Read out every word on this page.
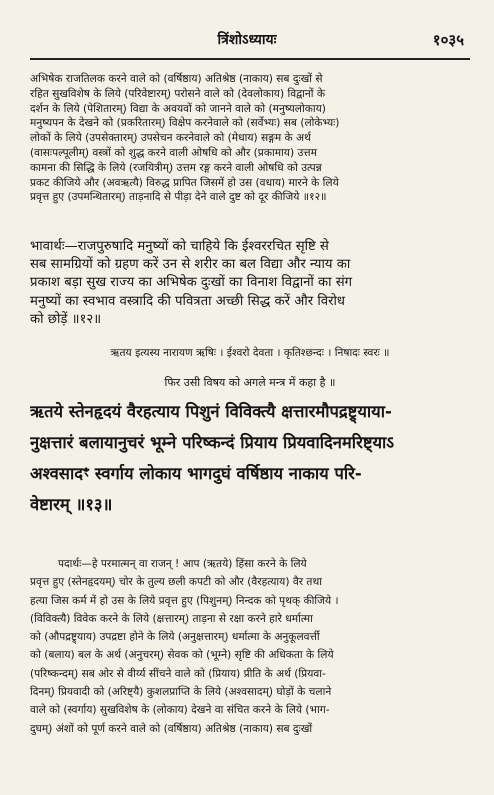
त्रिंशोऽध्यायः	१०३५
अभिषेक राजतिलक करने वाले को (वर्षिष्ठाय) अतिश्रेष्ठ (नाकाय) सब दुःखों से
रहित सुखविशेष के लिये (परिवेष्टारम्) परोसने वाले को (देवलोकाय) विद्वानों के
दर्शन के लिये (पेशितारम्) विद्या के अवयवों को जानने वाले को (मनुष्यलोकाय)
मनुष्यपन के देखने को (प्रकरितारम्) विक्षेप करनेवाले को (सर्वेभ्यः) सब (लोकेभ्यः)
लोकों के लिये (उपसेक्तारम्) उपसेचन करनेवाले को (मेधाय) सङ्गम के अर्थ
(वासःपल्पूलीम्) वस्त्रों को शुद्ध करने वाली ओषधि को और (प्रकामाय) उत्तम
कामना की सिद्धि के लिये (रजयित्रीम्) उत्तम रङ्ग करने वाली ओषधि को उत्पन्न
प्रकट कीजिये और (अवऋत्यै) विरुद्ध प्रापित जिसमें हो उस (वधाय) मारने के लिये
प्रवृत्त हुए (उपमन्थितारम्) ताड़नादि से पीड़ा देने वाले दुष्ट को दूर कीजिये ॥१२॥
भावार्थः—राजपुरुषादि मनुष्यों को चाहिये कि ईश्वररचित सृष्टि से
सब सामग्रियों को ग्रहण करें उन से शरीर का बल विद्या और न्याय का
प्रकाश बड़ा सुख राज्य का अभिषेक दुःखों का विनाश विद्वानों का संग
मनुष्यों का स्वभाव वस्त्रादि की पवित्रता अच्छी सिद्ध करें और विरोध
को छोड़ें ॥१२॥
ऋतय इत्यस्य नारायण ऋषिः । ईश्वरो देवता । कृतिश्छन्दः । निषादः स्वरः ॥
फिर उसी विषय को अगले मन्त्र में कहा है ॥
ऋतये स्तेनहृदयं वैरहत्याय पिशुनं विविक्त्यै क्षत्तारमौपद्रष्ट्र्याया-
नुक्षत्तारं बलायानुचरं भूम्ने परिष्कन्दं प्रियाय प्रियवादिनमरिष्ट्याऽ
अश्वसादꣳ स्वर्गाय लोकाय भागदुघं वर्षिष्ठाय नाकाय परि-
वेष्टारम् ॥१३॥
पदार्थः—हे परमात्मन् वा राजन् ! आप (ऋतये) हिंसा करने के लिये
प्रवृत्त हुए (स्तेनहृदयम्) चोर के तुल्य छली कपटी को और (वैरहत्याय) वैर तथा
हत्या जिस कर्म में हो उस के लिये प्रवृत्त हुए (पिशुनम्) निन्दक को पृथक् कीजिये ।
(विविक्त्यै) विवेक करने के लिये (क्षत्तारम्) ताड़ना से रक्षा करने हारे धर्मात्मा
को (औपद्रष्ट्र्याय) उपद्रष्टा होने के लिये (अनुक्षत्तारम्) धर्मात्मा के अनुकूलवर्त्ती
को (बलाय) बल के अर्थ (अनुचरम्) सेवक को (भूम्ने) सृष्टि की अधिकता के लिये
(परिष्कन्दम्) सब ओर से वीर्य्य सींचने वाले को (प्रियाय) प्रीति के अर्थ (प्रियवा-
दिनम्) प्रियवादी को (अरिष्ट्यै) कुशलप्राप्ति के लिये (अश्वसादम्) घोड़ों के चलाने
वाले को (स्वर्गाय) सुखविशेष के (लोकाय) देखने वा संचित करने के लिये (भाग-
दुघम्) अंशों को पूर्ण करने वाले को (वर्षिष्ठाय) अतिश्रेष्ठ (नाकाय) सब दुःखों
